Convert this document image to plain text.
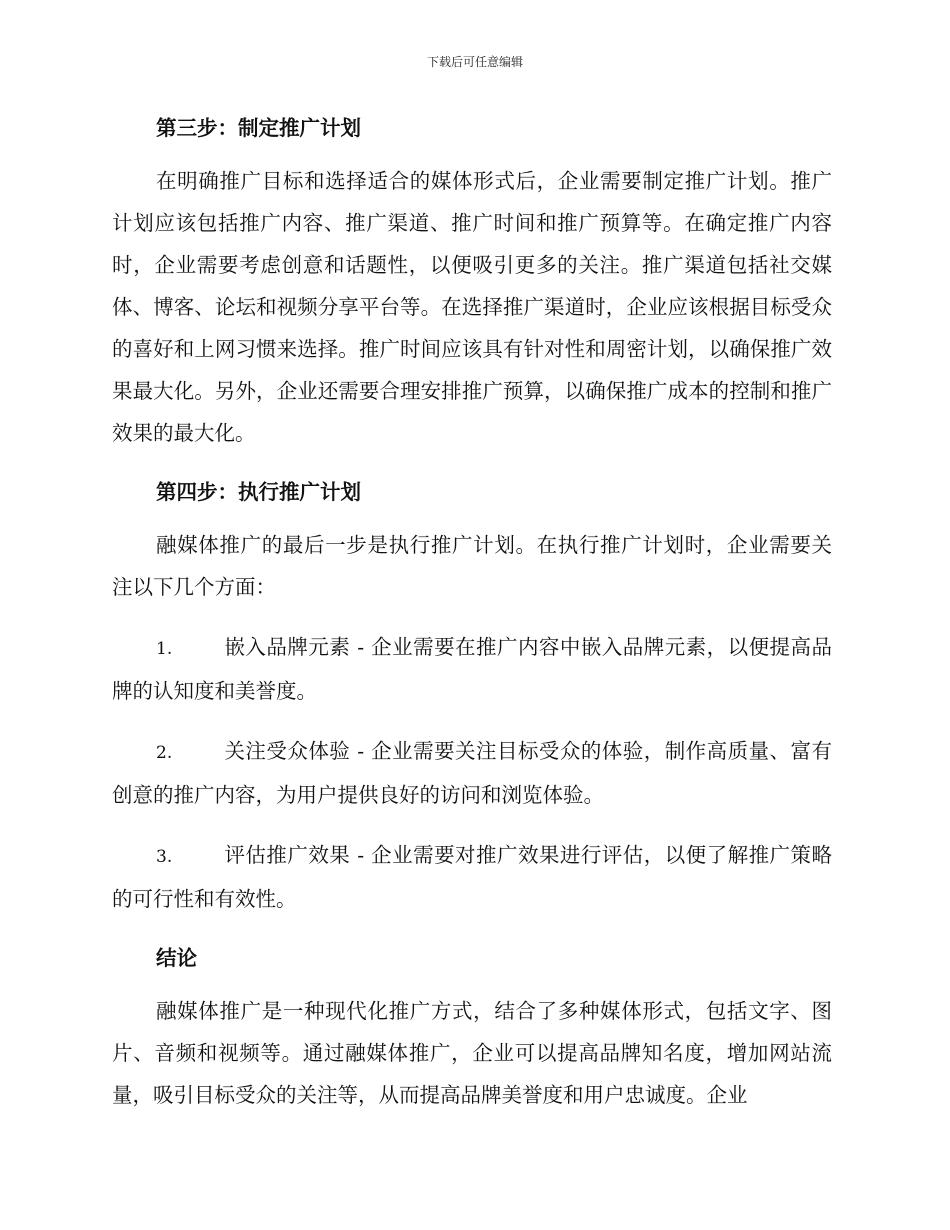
下载后可任意编辑
第三步：制定推广计划

在明确推广目标和选择适合的媒体形式后，企业需要制定推广计划。推广计划应该包括推广内容、推广渠道、推广时间和推广预算等。在确定推广内容时，企业需要考虑创意和话题性，以便吸引更多的关注。推广渠道包括社交媒体、博客、论坛和视频分享平台等。在选择推广渠道时，企业应该根据目标受众的喜好和上网习惯来选择。推广时间应该具有针对性和周密计划，以确保推广效果最大化。另外，企业还需要合理安排推广预算，以确保推广成本的控制和推广效果的最大化。

第四步：执行推广计划

融媒体推广的最后一步是执行推广计划。在执行推广计划时，企业需要关注以下几个方面：

1.	嵌入品牌元素 - 企业需要在推广内容中嵌入品牌元素，以便提高品牌的认知度和美誉度。

2.	关注受众体验 - 企业需要关注目标受众的体验，制作高质量、富有创意的推广内容，为用户提供良好的访问和浏览体验。

3.	评估推广效果 - 企业需要对推广效果进行评估，以便了解推广策略的可行性和有效性。

结论

融媒体推广是一种现代化推广方式，结合了多种媒体形式，包括文字、图片、音频和视频等。通过融媒体推广，企业可以提高品牌知名度，增加网站流量，吸引目标受众的关注等，从而提高品牌美誉度和用户忠诚度。企业
